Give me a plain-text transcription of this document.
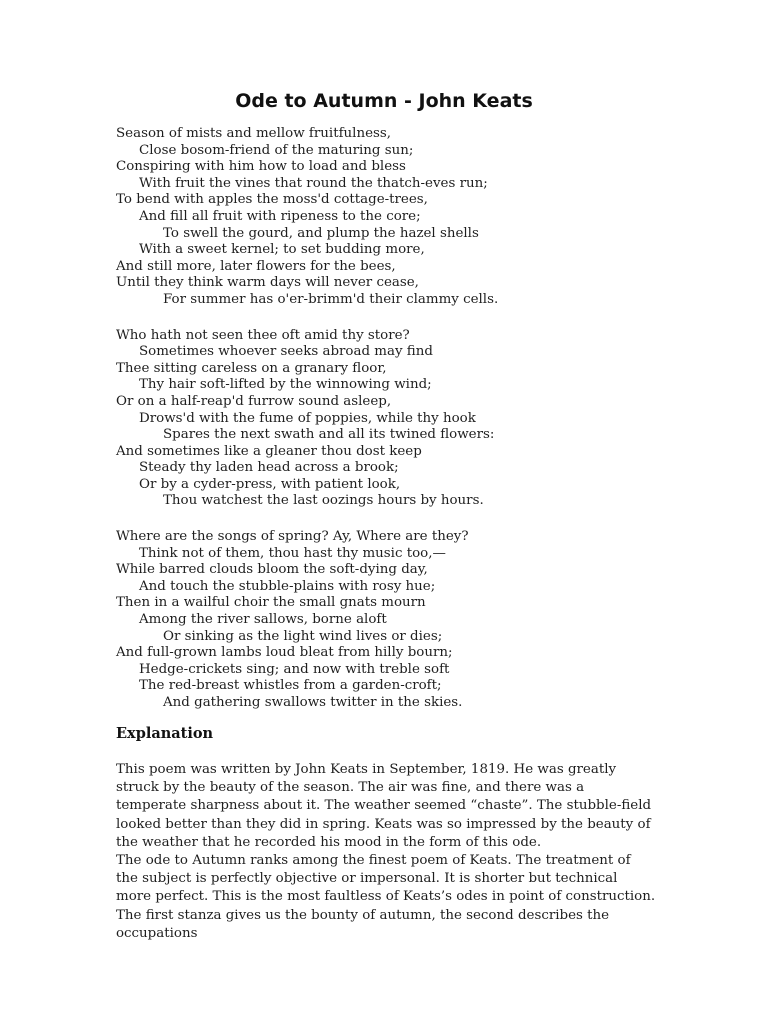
Ode to Autumn - John Keats
Season of mists and mellow fruitfulness,
Close bosom-friend of the maturing sun;
Conspiring with him how to load and bless
With fruit the vines that round the thatch-eves run;
To bend with apples the moss'd cottage-trees,
And fill all fruit with ripeness to the core;
To swell the gourd, and plump the hazel shells
With a sweet kernel; to set budding more,
And still more, later flowers for the bees,
Until they think warm days will never cease,
For summer has o'er-brimm'd their clammy cells.
Who hath not seen thee oft amid thy store?
Sometimes whoever seeks abroad may find
Thee sitting careless on a granary floor,
Thy hair soft-lifted by the winnowing wind;
Or on a half-reap'd furrow sound asleep,
Drows'd with the fume of poppies, while thy hook
Spares the next swath and all its twined flowers:
And sometimes like a gleaner thou dost keep
Steady thy laden head across a brook;
Or by a cyder-press, with patient look,
Thou watchest the last oozings hours by hours.
Where are the songs of spring? Ay, Where are they?
Think not of them, thou hast thy music too,—
While barred clouds bloom the soft-dying day,
And touch the stubble-plains with rosy hue;
Then in a wailful choir the small gnats mourn
Among the river sallows, borne aloft
Or sinking as the light wind lives or dies;
And full-grown lambs loud bleat from hilly bourn;
Hedge-crickets sing; and now with treble soft
The red-breast whistles from a garden-croft;
And gathering swallows twitter in the skies.
Explanation

This poem was written by John Keats in September, 1819. He was greatly struck by the beauty of the season. The air was fine, and there was a temperate sharpness about it. The weather seemed “chaste”. The stubble-field looked better than they did in spring. Keats was so impressed by the beauty of the weather that he recorded his mood in the form of this ode.

The ode to Autumn ranks among the finest poem of Keats. The treatment of the subject is perfectly objective or impersonal. It is shorter but technical more perfect. This is the most faultless of Keats’s odes in point of construction. The first stanza gives us the bounty of autumn, the second describes the occupations
